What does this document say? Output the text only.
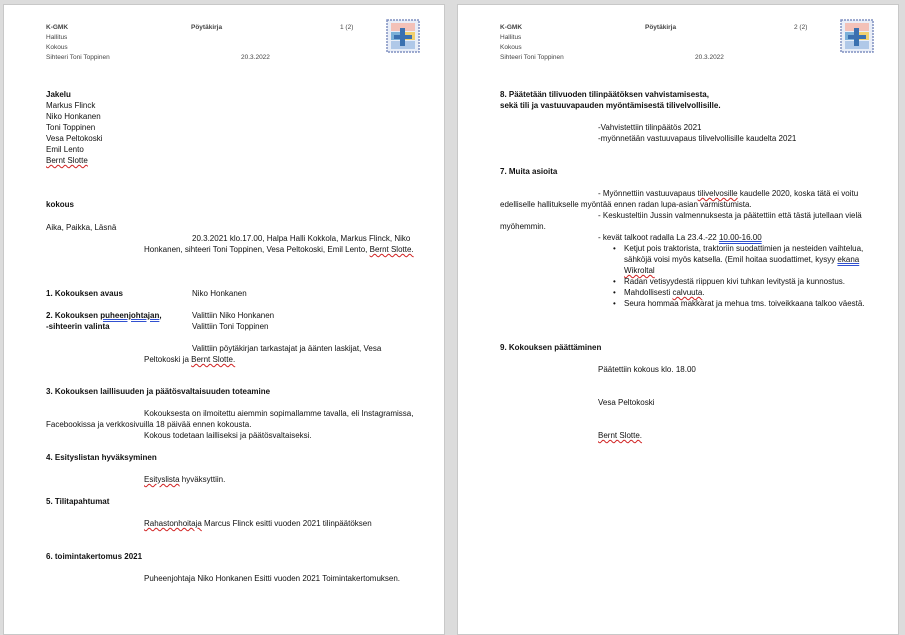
K-GMK	Pöytäkirja	1 (2)
Hallitus
Kokous
Sihteeri Toni Toppinen	20.3.2022
Jakelu
Markus Flinck
Niko Honkanen
Toni Toppinen
Vesa Peltokoski
Emil Lento
Bernt Slotte
kokous
Aika, Paikka, Läsnä
20.3.2021 klo.17.00, Halpa Halli Kokkola, Markus Flinck, Niko
Honkanen, sihteeri Toni Toppinen, Vesa Peltokoski, Emil Lento, Bernt Slotte.
1. Kokouksen avaus	Niko Honkanen
2. Kokouksen puheenjohtajan,
-sihteerin valinta
Valittiin Niko Honkanen
Valittiin Toni Toppinen
Valittiin pöytäkirjan tarkastajat ja äänten laskijat, Vesa
Peltokoski ja Bernt Slotte.
3. Kokouksen laillisuuden ja päätösvaltaisuuden toteamine
Kokouksesta on ilmoitettu aiemmin sopimallamme tavalla, eli Instagramissa,
Facebookissa ja verkkosivuilla 18 päivää ennen kokousta.
Kokous todetaan lailliseksi ja päätösvaltaiseksi.
4. Esityslistan hyväksyminen
Esityslista hyväksyttiin.
5. Tilitapahtumat
Rahastonhoitaja Marcus Flinck esitti vuoden 2021 tilinpäätöksen
6. toimintakertomus 2021
Puheenjohtaja Niko Honkanen Esitti vuoden 2021 Toimintakertomuksen.
K-GMK	Pöytäkirja	2 (2)
Hallitus
Kokous
Sihteeri Toni Toppinen	20.3.2022
8. Päätetään tilivuoden tilinpäätöksen vahvistamisesta,
sekä tili ja vastuuvapauden myöntämisestä tilivelvollisille.
-Vahvistettiin tilinpäätös 2021
-myönnetään vastuuvapaus tilivelvollisille kaudelta 2021
7. Muita asioita
- Myönnettiin vastuuvapaus tilivelvosille kaudelle 2020, koska tätä ei voitu
edelliselle hallitukselle myöntää ennen radan lupa-asian varmistumista.
- Keskusteltiin Jussin valmennuksesta ja päätettiin että tästä jutellaan vielä
myöhemmin.
- kevät talkoot radalla La 23.4.-22 10.00-16.00
• Ketjut pois traktorista, traktoriin suodattimien ja nesteiden vaihtelua,
sähköjä voisi myös katsella. (Emil hoitaa suodattimet, kysyy ekana
Wikroltal
• Radan vetisyydestä riippuen kivi tuhkan levitystä ja kunnostus.
• Mahdollisesti calvuuta.
• Seura hommaa makkarat ja mehua tms. toiveikkaana talkoo väestä.
9. Kokouksen päättäminen
Päätettiin kokous klo. 18.00
Vesa Peltokoski
Bernt Slotte.
